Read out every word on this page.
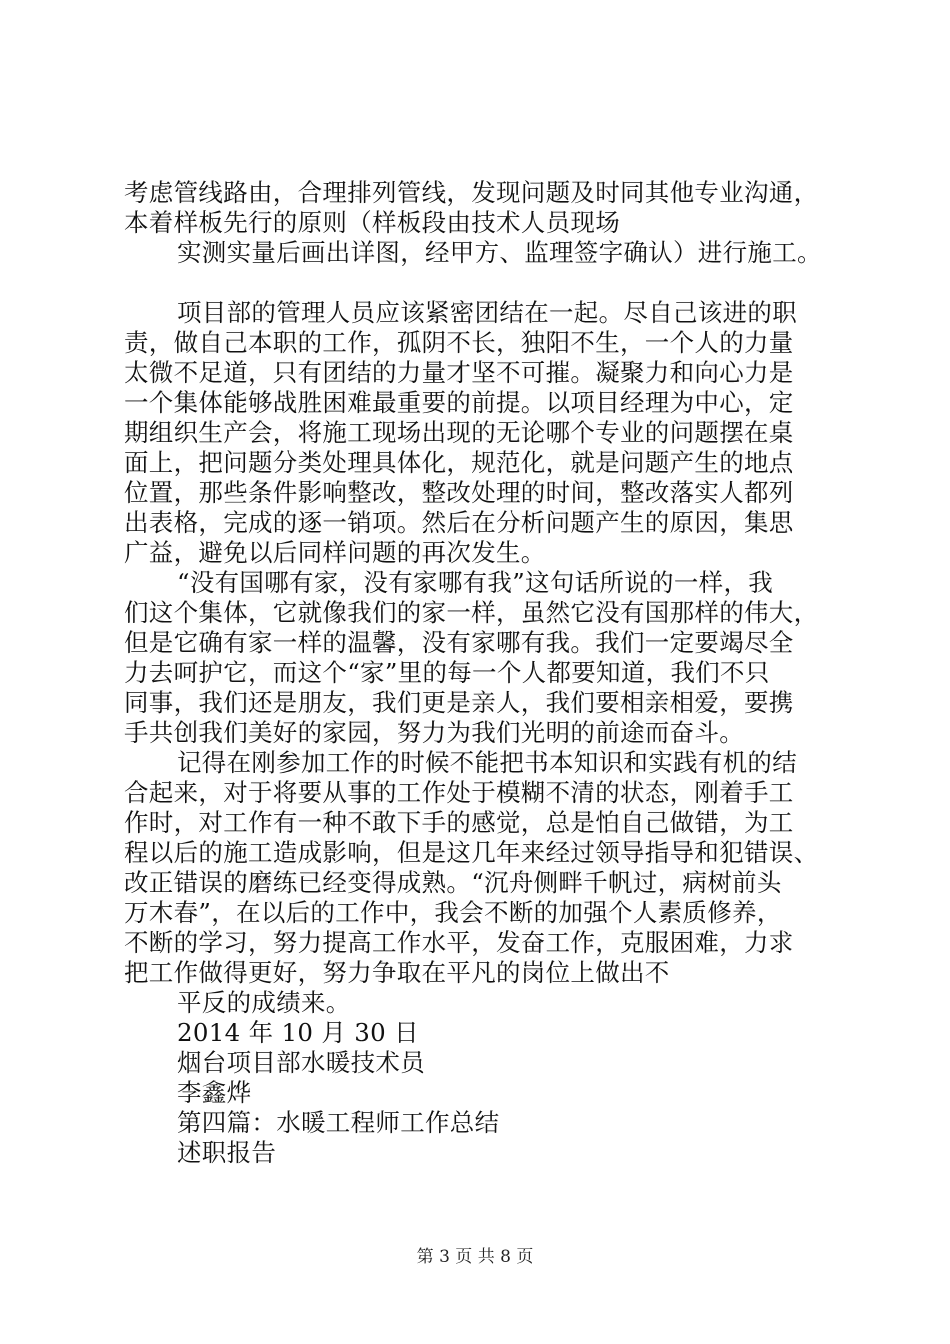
考虑管线路由，合理排列管线，发现问题及时同其他专业沟通，
本着样板先行的原则（样板段由技术人员现场
实测实量后画出详图，经甲方、监理签字确认）进行施工。
项目部的管理人员应该紧密团结在一起。尽自己该进的职
责，做自己本职的工作，孤阴不长，独阳不生，一个人的力量
太微不足道，只有团结的力量才坚不可摧。凝聚力和向心力是
一个集体能够战胜困难最重要的前提。以项目经理为中心，定
期组织生产会，将施工现场出现的无论哪个专业的问题摆在桌
面上，把问题分类处理具体化，规范化，就是问题产生的地点
位置，那些条件影响整改，整改处理的时间，整改落实人都列
出表格，完成的逐一销项。然后在分析问题产生的原因，集思
广益，避免以后同样问题的再次发生。
“没有国哪有家，没有家哪有我”这句话所说的一样，我
们这个集体，它就像我们的家一样，虽然它没有国那样的伟大，
但是它确有家一样的温馨，没有家哪有我。我们一定要竭尽全
力去呵护它，而这个“家”里的每一个人都要知道，我们不只
同事，我们还是朋友，我们更是亲人，我们要相亲相爱，要携
手共创我们美好的家园，努力为我们光明的前途而奋斗。
记得在刚参加工作的时候不能把书本知识和实践有机的结
合起来，对于将要从事的工作处于模糊不清的状态，刚着手工
作时，对工作有一种不敢下手的感觉，总是怕自己做错，为工
程以后的施工造成影响，但是这几年来经过领导指导和犯错误、
改正错误的磨练已经变得成熟。“沉舟侧畔千帆过，病树前头
万木春”，在以后的工作中，我会不断的加强个人素质修养，
不断的学习，努力提高工作水平，发奋工作，克服困难，力求
把工作做得更好，努力争取在平凡的岗位上做出不
平反的成绩来。
2014 年 10 月 30 日
烟台项目部水暖技术员
李鑫烨
第四篇：水暖工程师工作总结
述职报告
第 3 页 共 8 页
